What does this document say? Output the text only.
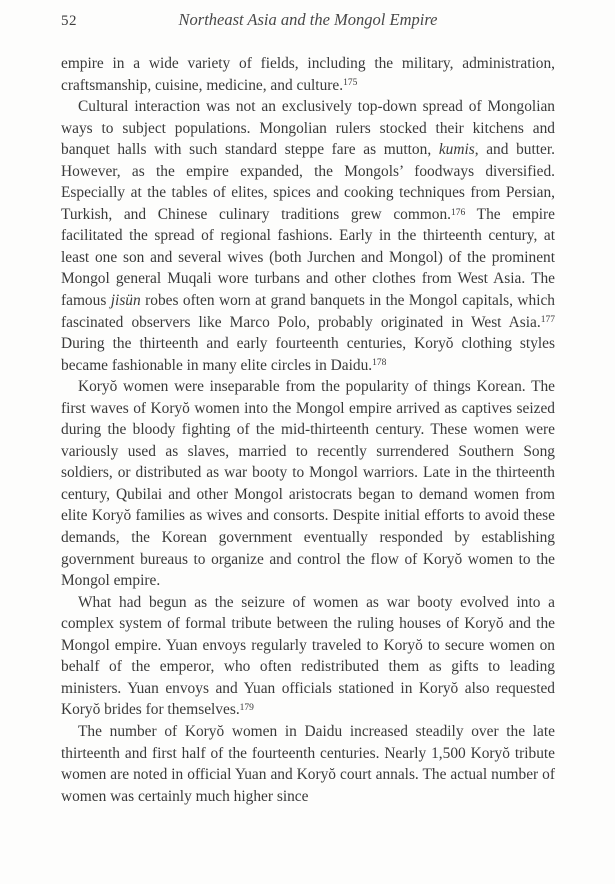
52	Northeast Asia and the Mongol Empire

empire in a wide variety of fields, including the military, administration, craftsmanship, cuisine, medicine, and culture.$^{175}$

Cultural interaction was not an exclusively top-down spread of Mongolian ways to subject populations. Mongolian rulers stocked their kitchens and banquet halls with such standard steppe fare as mutton, kumis, and butter. However, as the empire expanded, the Mongols’ foodways diversified. Especially at the tables of elites, spices and cooking techniques from Persian, Turkish, and Chinese culinary traditions grew common.$^{176}$ The empire facilitated the spread of regional fashions. Early in the thirteenth century, at least one son and several wives (both Jurchen and Mongol) of the prominent Mongol general Muqali wore turbans and other clothes from West Asia. The famous jisün robes often worn at grand banquets in the Mongol capitals, which fascinated observers like Marco Polo, probably originated in West Asia.$^{177}$ During the thirteenth and early fourteenth centuries, Koryŏ clothing styles became fashionable in many elite circles in Daidu.$^{178}$

Koryŏ women were inseparable from the popularity of things Korean. The first waves of Koryŏ women into the Mongol empire arrived as captives seized during the bloody fighting of the mid-thirteenth century. These women were variously used as slaves, married to recently surrendered Southern Song soldiers, or distributed as war booty to Mongol warriors. Late in the thirteenth century, Qubilai and other Mongol aristocrats began to demand women from elite Koryŏ families as wives and consorts. Despite initial efforts to avoid these demands, the Korean government eventually responded by establishing government bureaus to organize and control the flow of Koryŏ women to the Mongol empire.

What had begun as the seizure of women as war booty evolved into a complex system of formal tribute between the ruling houses of Koryŏ and the Mongol empire. Yuan envoys regularly traveled to Koryŏ to secure women on behalf of the emperor, who often redistributed them as gifts to leading ministers. Yuan envoys and Yuan officials stationed in Koryŏ also requested Koryŏ brides for themselves.$^{179}$

The number of Koryŏ women in Daidu increased steadily over the late thirteenth and first half of the fourteenth centuries. Nearly 1,500 Koryŏ tribute women are noted in official Yuan and Koryŏ court annals. The actual number of women was certainly much higher since
